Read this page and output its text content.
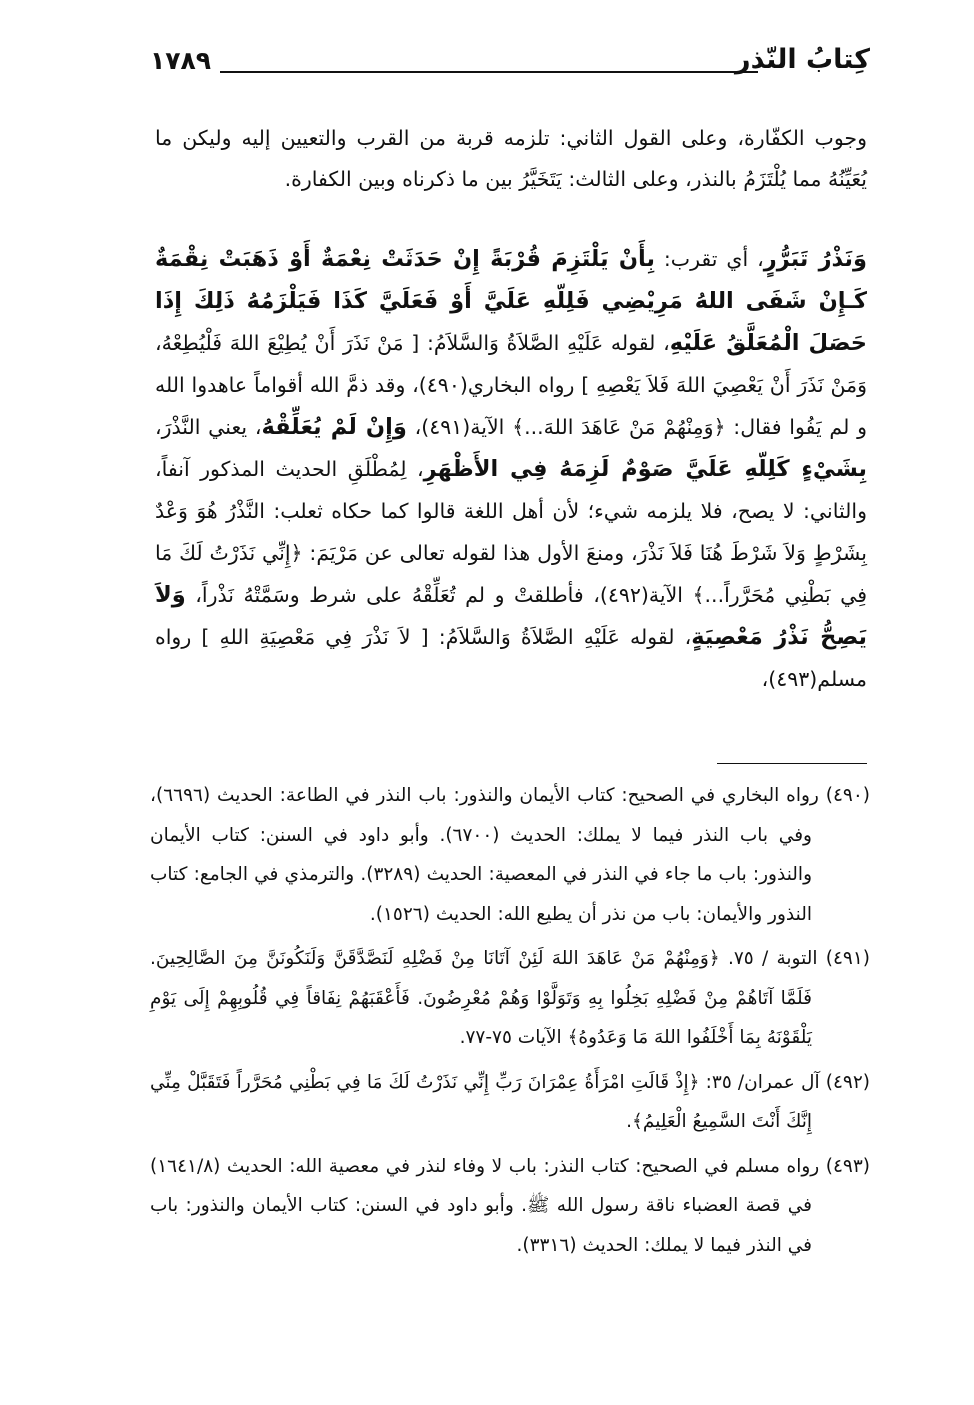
كِتابُ النّذر
١٧٨٩

وجوب الكفّارة، وعلى القول الثاني: تلزمه قربة من القرب والتعيين إليه وليكن ما يُعَيِّنُهُ مما يُلْتَزَمُ بالنذر، وعلى الثالث: يَتَخَيَّرُ بين ما ذكرناه وبين الكفارة.

وَنَذْرُ تَبَرُّرٍ، أي تقرب: بِأَنْ يَلْتَزِمَ قُرْبَةً إِنْ حَدَثَتْ نِعْمَةٌ أَوْ ذَهَبَتْ نِقْمَةٌ كَـإِنْ شَفَى اللهُ مَرِيْضِي فَلِلّهِ عَلَيَّ أَوْ فَعَلَيَّ كَذَا فَيَلْزَمُهُ ذَلِكَ إِذَا حَصَلَ الْمُعَلَّقُ عَلَيْهِ، لقوله عَلَيْهِ الصَّلاَةُ وَالسَّلاَمُ: [ مَنْ نَذَرَ أَنْ يُطِيْعَ اللهَ فَلْيُطِعْهُ، وَمَنْ نَذَرَ أَنْ يَعْصِيَ اللهَ فَلاَ يَعْصِهِ ] رواه البخاري(٤٩٠)، وقد ذمَّ الله أقواماً عاهدوا الله و لم يَفُوا فقال: ﴿وَمِنْهُمْ مَنْ عَاهَدَ اللهَ...﴾ الآية(٤٩١)، وَإِنْ لَمْ يُعَلِّقْهُ، يعني النَّذْرَ، بِشَيْءٍ كَلِلّهِ عَلَيَّ صَوْمٌ لَزِمَهُ فِي الأَظْهَرِ، لِمُطْلَقِ الحديث المذكور آنفاً، والثاني: لا يصح، فلا يلزمه شيء؛ لأن أهل اللغة قالوا كما حكاه ثعلب: النَّذْرُ هُوَ وَعْدٌ بِشَرْطٍ وَلاَ شَرْطَ هُنَا فَلاَ نَذْرَ، ومنعَ الأول هذا لقوله تعالى عن مَرْيَمَ: ﴿إِنِّي نَذَرْتُ لَكَ مَا فِي بَطْنِي مُحَرَّراً...﴾ الآية(٤٩٢)، فأطلقتْ و لم تُعَلِّقْهُ على شرط وسَمَّتْهُ نَذْراً، وَلاَ يَصِحُّ نَذْرُ مَعْصِيَةٍ، لقوله عَلَيْهِ الصَّلاَةُ وَالسَّلاَمُ: [ لاَ نَذْرَ فِي مَعْصِيَةِ اللهِ ] رواه مسلم(٤٩٣)،

(٤٩٠) رواه البخاري في الصحيح: كتاب الأيمان والنذور: باب النذر في الطاعة: الحديث (٦٦٩٦)، وفي باب النذر فيما لا يملك: الحديث (٦٧٠٠). وأبو داود في السنن: كتاب الأيمان والنذور: باب ما جاء في النذر في المعصية: الحديث (٣٢٨٩). والترمذي في الجامع: كتاب النذور والأيمان: باب من نذر أن يطيع الله: الحديث (١٥٢٦).

(٤٩١) التوبة / ٧٥. ﴿وَمِنْهُمْ مَنْ عَاهَدَ اللهَ لَئِنْ آتَانَا مِنْ فَضْلِهِ لَنَصَّدَّقَنَّ وَلَنَكُونَنَّ مِنَ الصَّالِحِينَ. فَلَمَّا آتَاهُمْ مِنْ فَضْلِهِ بَخِلُوا بِهِ وَتَوَلَّوْا وَهُمْ مُعْرِضُونَ. فَأَعْقَبَهُمْ نِفَاقاً فِي قُلُوبِهِمْ إِلَى يَوْمِ يَلْقَوْنَهُ بِمَا أَخْلَفُوا اللهَ مَا وَعَدُوهُ﴾ الآيات ٧٥-٧٧.

(٤٩٢) آل عمران/ ٣٥: ﴿إِذْ قَالَتِ امْرَأَةُ عِمْرَانَ رَبِّ إِنِّي نَذَرْتُ لَكَ مَا فِي بَطْنِي مُحَرَّراً فَتَقَبَّلْ مِنِّي إِنَّكَ أَنْتَ السَّمِيعُ الْعَلِيمُ﴾.

(٤٩٣) رواه مسلم في الصحيح: كتاب النذر: باب لا وفاء لنذر في معصية الله: الحديث (١٦٤١/٨) في قصة العضباء ناقة رسول الله ﷺ. وأبو داود في السنن: كتاب الأيمان والنذور: باب في النذر فيما لا يملك: الحديث (٣٣١٦).
